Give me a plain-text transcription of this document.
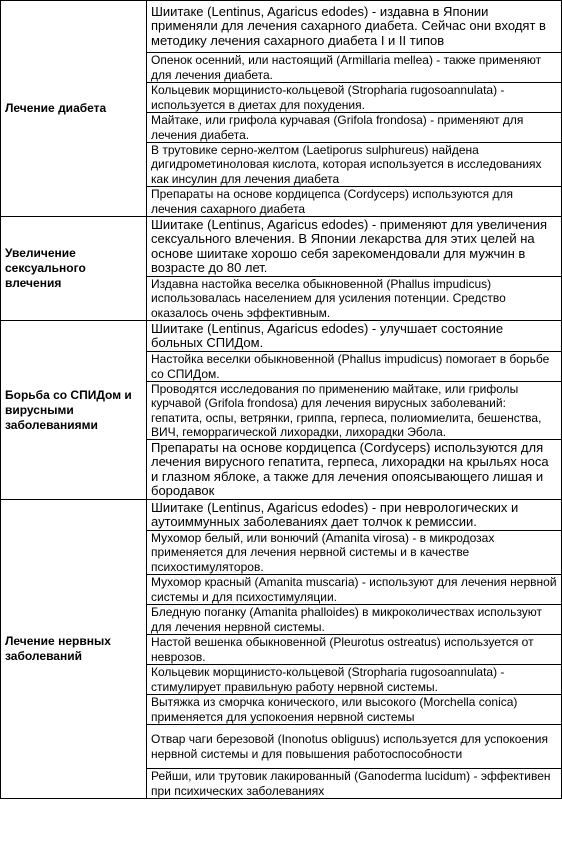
Лечение диабета	Шиитаке (Lentinus, Agaricus edodes) - издавна в Японии применяли для лечения сахарного диабета. Сейчас они входят в методику лечения сахарного диабета I и II типов
	Опенок осенний, или настоящий (Armillaria mellea) - также применяют для лечения диабета.
	Кольцевик морщинисто-кольцевой (Stropharia rugosoannulata) - используется в диетах для похудения.
	Майтаке, или грифола курчавая (Grifola frondosa) - применяют для лечения диабета.
	В трутовике серно-желтом (Laetiporus sulphureus) найдена дигидрометиноловая кислота, которая используется в исследованиях как инсулин для лечения диабета
	Препараты на основе кордицепса (Cordyceps) используются для лечения сахарного диабета
Увеличение сексуального влечения	Шиитаке (Lentinus, Agaricus edodes) - применяют для увеличения сексуального влечения. В Японии лекарства для этих целей на основе шиитаке хорошо себя зарекомендовали для мужчин в возрасте до 80 лет.
	Издавна настойка веселка обыкновенной (Phallus impudicus) использовалась населением для усиления потенции. Средство оказалось очень эффективным.
Борьба со СПИДом и вирусными заболеваниями	Шиитаке (Lentinus, Agaricus edodes) - улучшает состояние больных СПИДом.
	Настойка веселки обыкновенной (Phallus impudicus) помогает в борьбе со СПИДом.
	Проводятся исследования по применению майтаке, или грифолы курчавой (Grifola frondosa) для лечения вирусных заболеваний: гепатита, оспы, ветрянки, гриппа, герпеса, полиомиелита, бешенства, ВИЧ, геморрагической лихорадки, лихорадки Эбола.
	Препараты на основе кордицепса (Cordyceps) используются для лечения вирусного гепатита, герпеса, лихорадки на крыльях носа и глазном яблоке, а также для лечения опоясывающего лишая и бородавок
Лечение нервных заболеваний	Шиитаке (Lentinus, Agaricus edodes) - при неврологических и аутоиммунных заболеваниях дает толчок к ремиссии.
	Мухомор белый, или вонючий (Amanita virosa) - в микродозах применяется для лечения нервной системы и в качестве психостимуляторов.
	Мухомор красный (Amanita muscaria) - используют для лечения нервной системы и для психостимуляции.
	Бледную поганку (Amanita phalloides) в микроколичествах используют для лечения нервной системы.
	Настой вешенка обыкновенной (Pleurotus ostreatus) используется от неврозов.
	Кольцевик морщинисто-кольцевой (Stropharia rugosoannulata) - стимулирует правильную работу нервной системы.
	Вытяжка из сморчка конического, или высокого (Morchella conica) применяется для успокоения нервной системы
	Отвар чаги березовой (Inonotus obliguus) используется для успокоения нервной системы и для повышения работоспособности
	Рейши, или трутовик лакированный (Ganoderma lucidum) - эффективен при психических заболеваниях
